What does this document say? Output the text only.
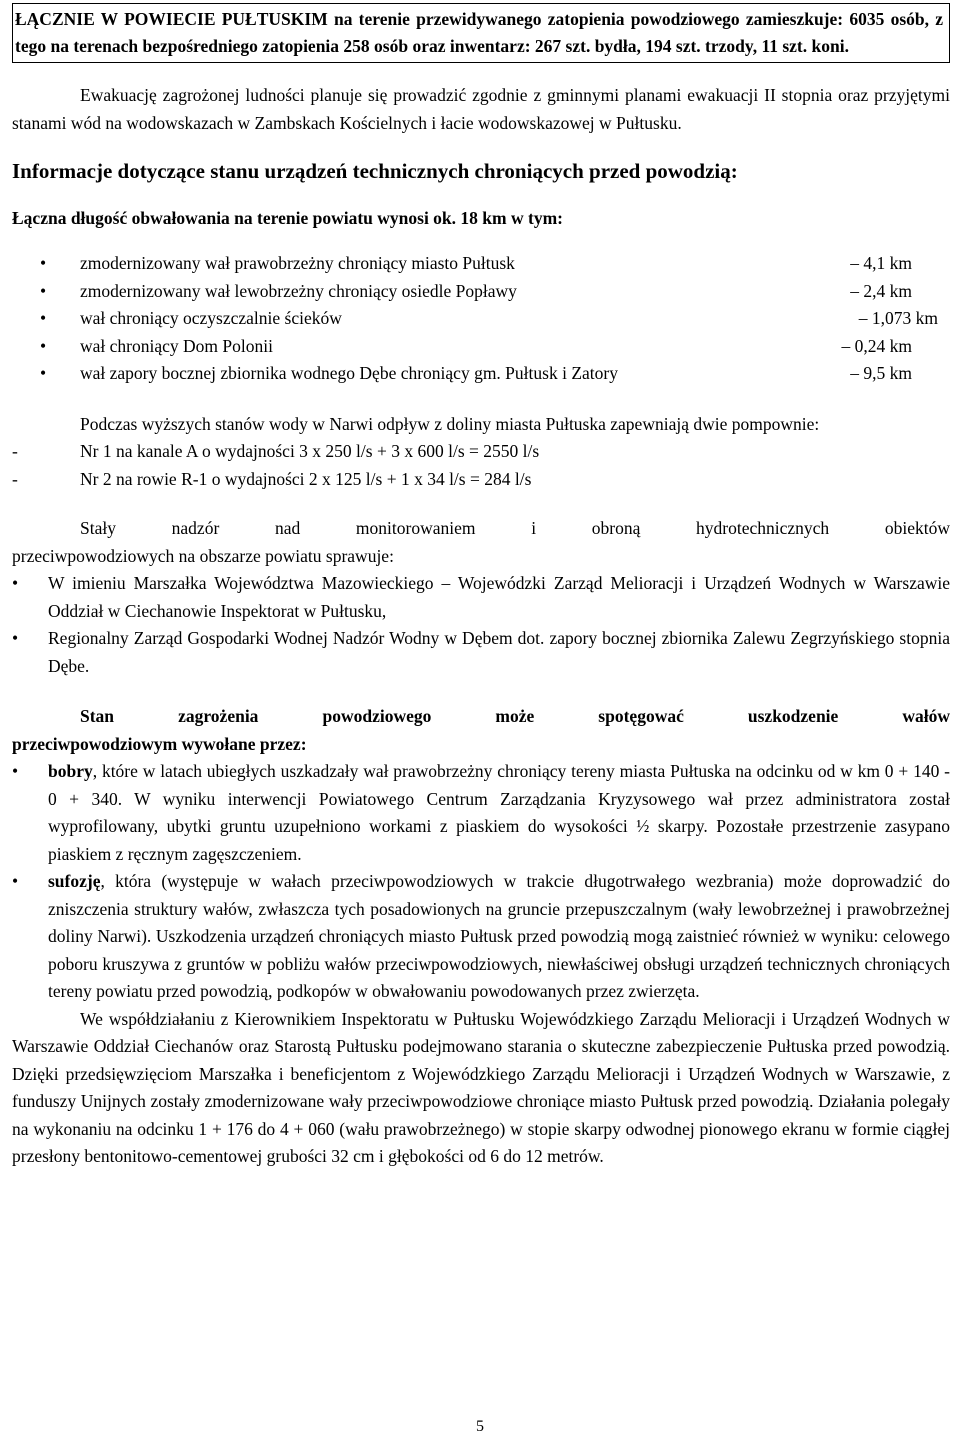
ŁĄCZNIE W POWIECIE PUŁTUSKIM na terenie przewidywanego zatopienia powodziowego zamieszkuje: 6035 osób, z tego na terenach bezpośredniego zatopienia 258 osób oraz inwentarz: 267 szt. bydła, 194 szt. trzody, 11 szt. koni.

Ewakuację zagrożonej ludności planuje się prowadzić zgodnie z gminnymi planami ewakuacji II stopnia oraz przyjętymi stanami wód na wodowskazach w Zambskach Kościelnych i łacie wodowskazowej w Pułtusku.

Informacje dotyczące stanu urządzeń technicznych chroniących przed powodzią:

Łączna długość obwałowania na terenie powiatu wynosi ok. 18 km w tym:

• zmodernizowany wał prawobrzeżny chroniący miasto Pułtusk	– 4,1 km
• zmodernizowany wał lewobrzeżny chroniący osiedle Popławy	– 2,4 km
• wał chroniący oczyszczalnie ścieków	– 1,073 km
• wał chroniący Dom Polonii	– 0,24 km
• wał zapory bocznej zbiornika wodnego Dębe chroniący gm. Pułtusk i Zatory	– 9,5 km

Podczas wyższych stanów wody w Narwi odpływ z doliny miasta Pułtuska zapewniają dwie pompownie:

-	Nr 1 na kanale A o wydajności 3 x 250 l/s + 3 x 600 l/s = 2550 l/s
-	Nr 2 na rowie R-1 o wydajności 2 x 125 l/s + 1 x 34 l/s = 284 l/s

Stały nadzór nad monitorowaniem i obroną hydrotechnicznych obiektów

przeciwpowodziowych na obszarze powiatu sprawuje:

• W imieniu Marszałka Województwa Mazowieckiego – Wojewódzki Zarząd Melioracji i Urządzeń Wodnych w Warszawie Oddział w Ciechanowie Inspektorat w Pułtusku,
• Regionalny Zarząd Gospodarki Wodnej Nadzór Wodny w Dębem dot. zapory bocznej zbiornika Zalewu Zegrzyńskiego stopnia Dębe.

Stan zagrożenia powodziowego może spotęgować uszkodzenie wałów

przeciwpowodziowym wywołane przez:

• bobry, które w latach ubiegłych uszkadzały wał prawobrzeżny chroniący tereny miasta Pułtuska na odcinku od w km 0 + 140 - 0 + 340. W wyniku interwencji Powiatowego Centrum Zarządzania Kryzysowego wał przez administratora został wyprofilowany, ubytki gruntu uzupełniono workami z piaskiem do wysokości ½ skarpy. Pozostałe przestrzenie zasypano piaskiem z ręcznym zagęszczeniem.
• sufozję, która (występuje w wałach przeciwpowodziowych w trakcie długotrwałego wezbrania) może doprowadzić do zniszczenia struktury wałów, zwłaszcza tych posadowionych na gruncie przepuszczalnym (wały lewobrzeżnej i prawobrzeżnej doliny Narwi). Uszkodzenia urządzeń chroniących miasto Pułtusk przed powodzią mogą zaistnieć również w wyniku: celowego poboru kruszywa z gruntów w pobliżu wałów przeciwpowodziowych, niewłaściwej obsługi urządzeń technicznych chroniących tereny powiatu przed powodzią, podkopów w obwałowaniu powodowanych przez zwierzęta.

We współdziałaniu z Kierownikiem Inspektoratu w Pułtusku Wojewódzkiego Zarządu Melioracji i Urządzeń Wodnych w Warszawie Oddział Ciechanów oraz Starostą Pułtusku podejmowano starania o skuteczne zabezpieczenie Pułtuska przed powodzią. Dzięki przedsięwzięciom Marszałka i beneficjentom z Wojewódzkiego Zarządu Melioracji i Urządzeń Wodnych w Warszawie, z funduszy Unijnych zostały zmodernizowane wały przeciwpowodziowe chroniące miasto Pułtusk przed powodzią. Działania polegały na wykonaniu na odcinku 1 + 176 do 4 + 060 (wału prawobrzeżnego) w stopie skarpy odwodnej pionowego ekranu w formie ciągłej przesłony bentonitowo-cementowej grubości 32 cm i głębokości od 6 do 12 metrów.

5
